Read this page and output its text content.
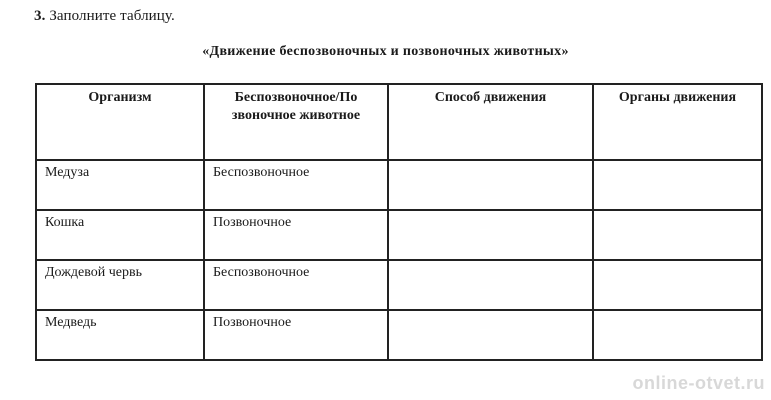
3. Заполните таблицу.
«Движение беспозвоночных и позвоночных животных»
Организм	Беспозвоночное/По звоночное животное	Способ движения	Органы движения
Медуза	Беспозвоночное		
Кошка	Позвоночное		
Дождевой червь	Беспозвоночное		
Медведь	Позвоночное		
online-otvet.ru
